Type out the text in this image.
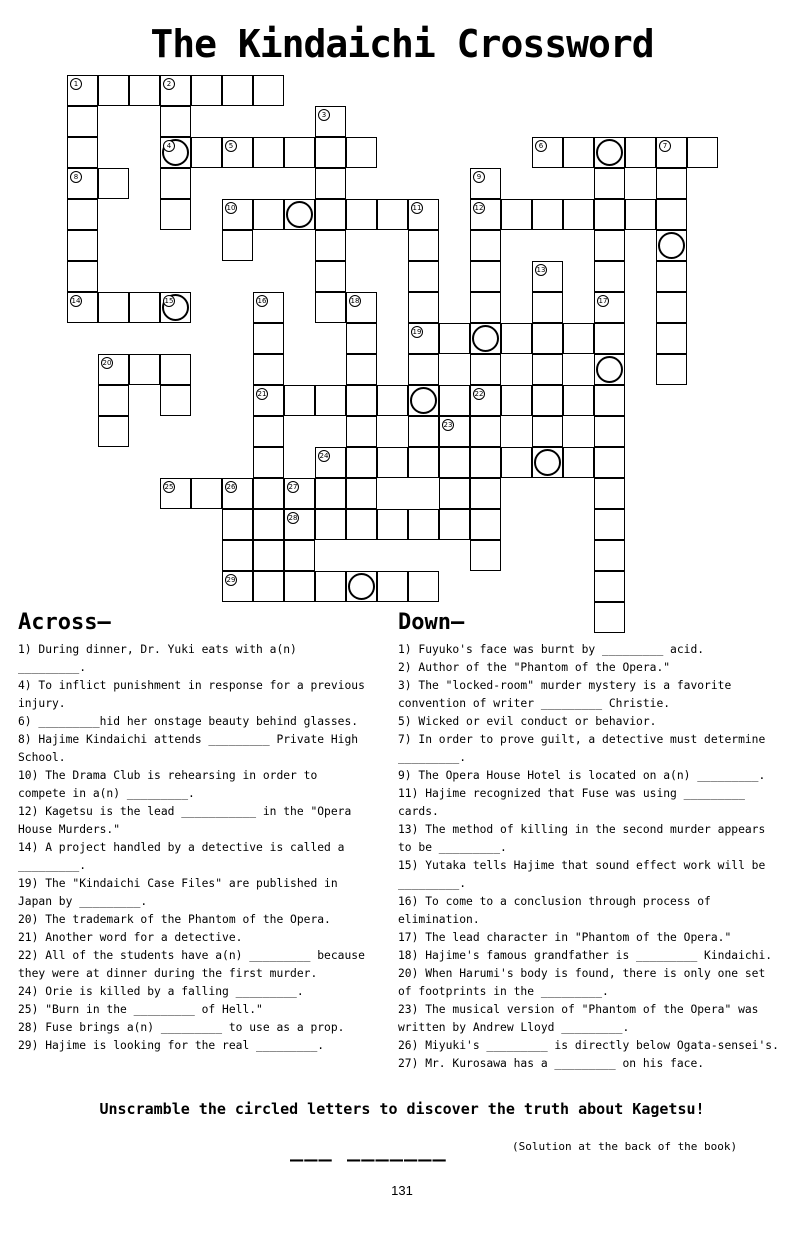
The Kindaichi Crossword
1	2
8
4	5
3
6	7
17
9
12
22
10	11
19
13
14	15	16
21
18
20
23
24
25	26	27
29
28
Across—
1) During dinner, Dr. Yuki eats with a(n) _________.
4) To inflict punishment in response for a previous injury.
6) _________hid her onstage beauty behind glasses.
8) Hajime Kindaichi attends _________ Private High School.
10) The Drama Club is rehearsing in order to compete in a(n) _________.
12) Kagetsu is the lead ___________ in the "Opera House Murders."
14) A project handled by a detective is called a _________.
19) The "Kindaichi Case Files" are published in Japan by _________.
20) The trademark of the Phantom of the Opera.
21) Another word for a detective.
22) All of the students have a(n) _________ because they were at dinner during the first murder.
24) Orie is killed by a falling _________.
25) "Burn in the _________ of Hell."
28) Fuse brings a(n) _________ to use as a prop.
29) Hajime is looking for the real _________.
Down—
1) Fuyuko's face was burnt by _________ acid.
2) Author of the "Phantom of the Opera."
3) The "locked-room" murder mystery is a favorite convention of writer _________ Christie.
5) Wicked or evil conduct or behavior.
7) In order to prove guilt, a detective must determine _________.
9) The Opera House Hotel is located on a(n) _________.
11) Hajime recognized that Fuse was using _________ cards.
13) The method of killing in the second murder appears to be _________.
15) Yutaka tells Hajime that sound effect work will be _________.
16) To come to a conclusion through process of elimination.
17) The lead character in "Phantom of the Opera."
18) Hajime's famous grandfather is _________ Kindaichi.
20) When Harumi's body is found, there is only one set of footprints in the _________.
23) The musical version of "Phantom of the Opera" was written by Andrew Lloyd _________.
26) Miyuki's _________ is directly below Ogata-sensei's.
27) Mr. Kurosawa has a _________ on his face.
Unscramble the circled letters to discover the truth about Kagetsu!
___ _______	(Solution at the back of the book)
131
